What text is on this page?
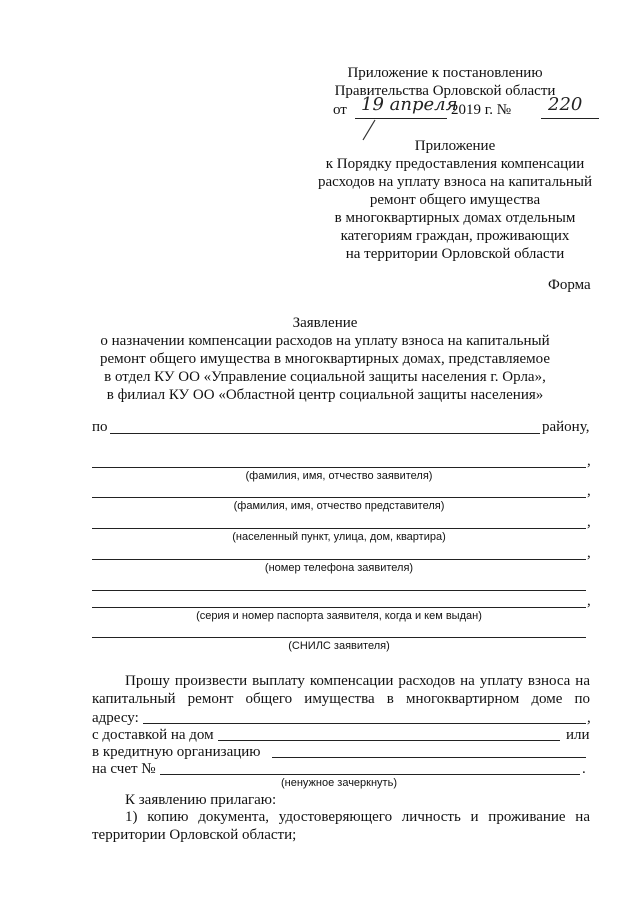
Приложение к постановлению
Правительства Орловской области
от 19 апреля
2019 г. № 220
Приложение
к Порядку предоставления компенсации
расходов на уплату взноса на капитальный
ремонт общего имущества
в многоквартирных домах отдельным
категориям граждан, проживающих
на территории Орловской области
Форма
Заявление
о назначении компенсации расходов на уплату взноса на капитальный
ремонт общего имущества в многоквартирных домах, представляемое
в отдел КУ ОО «Управление социальной защиты населения г. Орла»,
в филиал КУ ОО «Областной центр социальной защиты населения»
по	району,
,
(фамилия, имя, отчество заявителя)
,
(фамилия, имя, отчество представителя)
,
(населенный пункт, улица, дом, квартира)
,
(номер телефона заявителя)
,
(серия и номер паспорта заявителя, когда и кем выдан)
(СНИЛС заявителя)
Прошу произвести выплату компенсации расходов на уплату взноса на
капитальный ремонт общего имущества в многоквартирном доме по
адресу:	,
с доставкой на дом	или
в кредитную организацию
на счет №	.
(ненужное зачеркнуть)
К заявлению прилагаю:
1) копию документа, удостоверяющего личность и проживание на
территории Орловской области;
